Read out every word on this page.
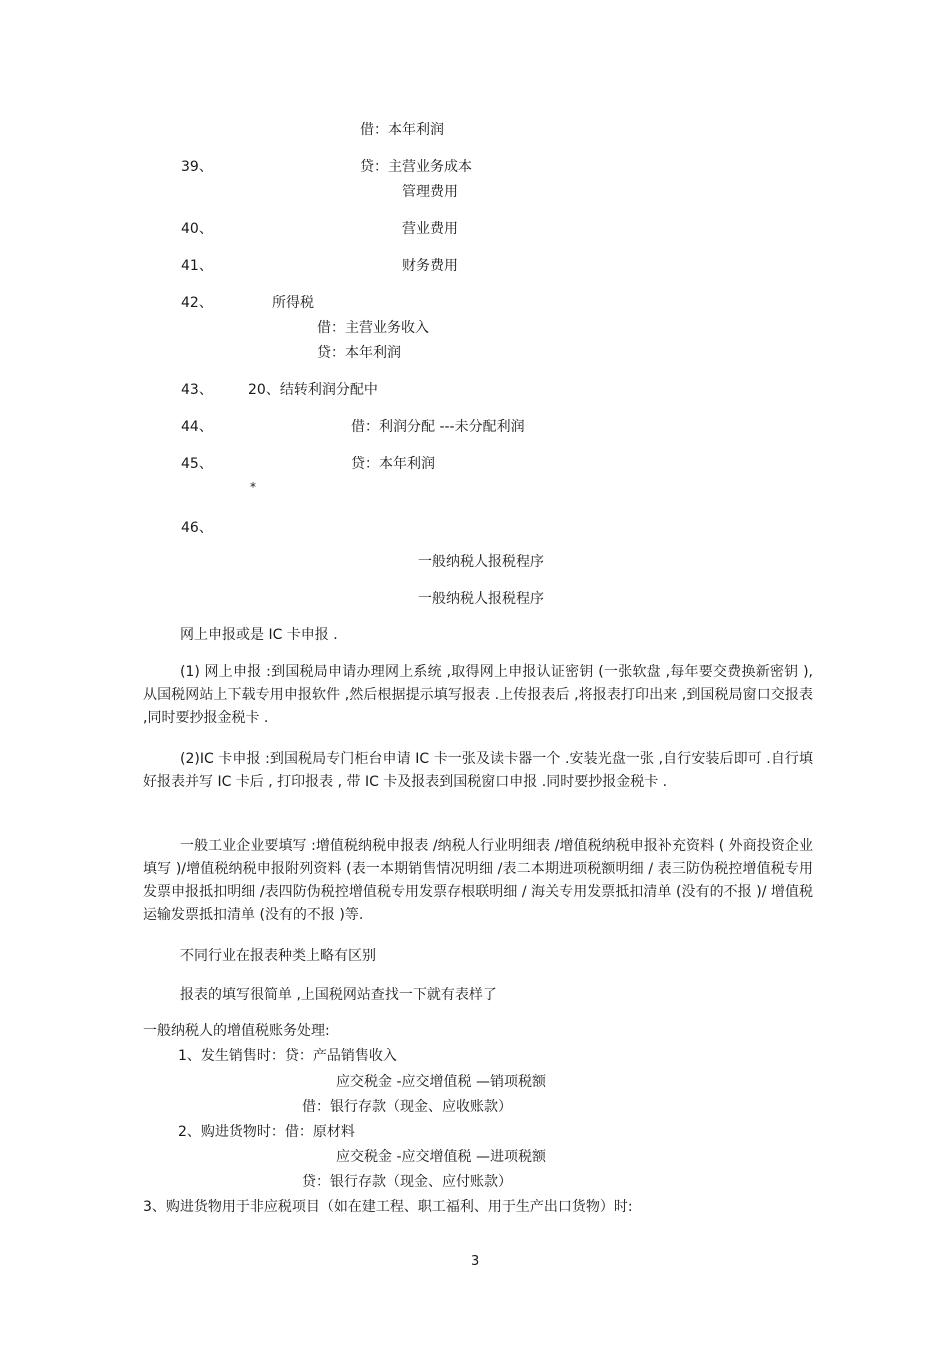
借：本年利润
39、	贷：主营业务成本
管理费用
40、	营业费用
41、	财务费用
42、	所得税
借：主营业务收入
贷：本年利润
43、	20、结转利润分配中
44、	借：利润分配 ---未分配利润
45、	贷：本年利润
*
46、
一般纳税人报税程序
一般纳税人报税程序
网上申报或是 IC 卡申报 .
(1) 网上申报 :到国税局申请办理网上系统 ,取得网上申报认证密钥 (一张软盘 ,每年要交费换新密钥 ), 从国税网站上下载专用申报软件 ,然后根据提示填写报表 .上传报表后 ,将报表打印出来 ,到国税局窗口交报表 ,同时要抄报金税卡 .
(2)IC 卡申报 :到国税局专门柜台申请 IC 卡一张及读卡器一个 .安装光盘一张 ,自行安装后即可 .自行填好报表并写 IC 卡后 , 打印报表 , 带 IC 卡及报表到国税窗口申报 .同时要抄报金税卡 .
一般工业企业要填写 :增值税纳税申报表 /纳税人行业明细表 /增值税纳税申报补充资料 ( 外商投资企业填写 )/增值税纳税申报附列资料 (表一本期销售情况明细 /表二本期进项税额明细 / 表三防伪税控增值税专用发票申报抵扣明细 /表四防伪税控增值税专用发票存根联明细 / 海关专用发票抵扣清单 (没有的不报 )/ 增值税运输发票抵扣清单 (没有的不报 )等.
不同行业在报表种类上略有区别
报表的填写很简单 ,上国税网站查找一下就有表样了
一般纳税人的增值税账务处理:
1、发生销售时：贷：产品销售收入
应交税金 -应交增值税 —销项税额
借：银行存款（现金、应收账款）
2、购进货物时：借：原材料
应交税金 -应交增值税 —进项税额
贷：银行存款（现金、应付账款）
3、购进货物用于非应税项目（如在建工程、职工福利、用于生产出口货物）时:
3
